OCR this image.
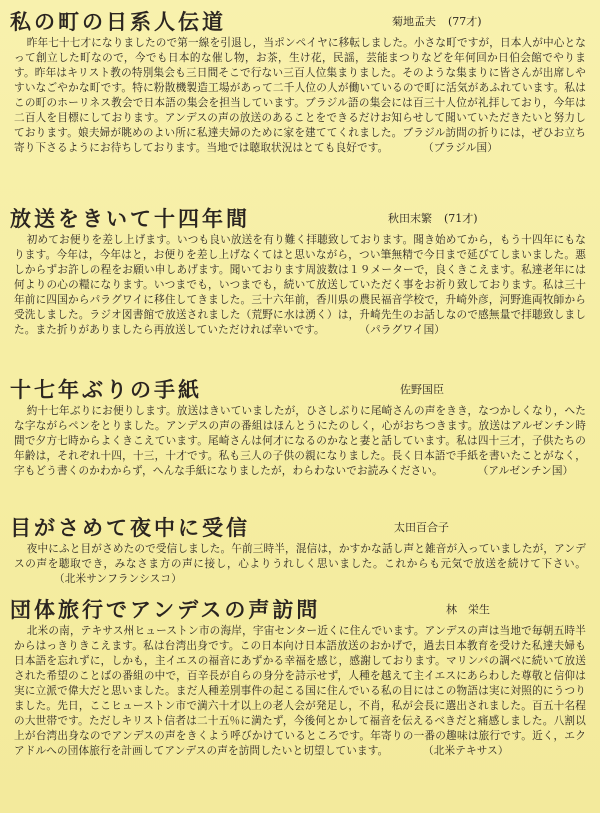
私の町の日系人伝道	菊地孟夫 (77才)
昨年七十七才になりましたので第一線を引退し，当ポンペイヤに移転しました。小さな町ですが，日本人が中心となって創立した町なので，今でも日本的な催し物，お茶，生け花，民謡，芸能まつりなどを年何回か日伯会館でやります。昨年はキリスト教の特別集会も三日間そこで行ない三百人位集まりました。そのような集まりに皆さんが出席しやすいなごやかな町です。特に粉散機製造工場があって二千人位の人が働いているので町に活気があふれています。私はこの町のホーリネス教会で日本語の集会を担当しています。ブラジル語の集会には百三十人位が礼拝しており，今年は二百人を目標にしております。アンデスの声の放送のあることをできるだけお知らせして聞いていただきたいと努力しております。娘夫婦が眺めのよい所に私達夫婦のために家を建ててくれました。ブラジル訪問の折りには，ぜひお立ち寄り下さるようにお待ちしております。当地では聴取状況はとても良好です。	（ブラジル国）
放送をきいて十四年間	秋田末繁 (71才)
初めてお便りを差し上げます。いつも良い放送を有り難く拝聴致しております。聞き始めてから，もう十四年にもなります。今年は，今年はと，お便りを差し上げなくてはと思いながら，つい筆無精で今日まで延びてしまいました。悪しからずお許しの程をお願い申しあげます。聞いております周波数は１９メーターで，良くきこえます。私達老年には何よりの心の糧になります。いつまでも，いつまでも，続いて放送していただく事をお祈り致しております。私は三十年前に四国からパラグワイに移住してきました。三十六年前，香川県の農民福音学校で，升崎外彦，河野進両牧師から受洗しました。ラジオ図書館で放送されました（荒野に水は湧く）は，升崎先生のお話しなので感無量で拝聴致しました。また折りがありましたら再放送していただければ幸いです。	（パラグワイ国）
十七年ぶりの手紙	佐野国臣
約十七年ぶりにお便りします。放送はきいていましたが，ひさしぶりに尾崎さんの声をきき，なつかしくなり，へたな字ながらペンをとりました。アンデスの声の番組はほんとうにたのしく，心がおちつきます。放送はアルゼンチン時間で夕方七時からよくきこえています。尾崎さんは何才になるのかなと妻と話しています。私は四十三才，子供たちの年齢は，それぞれ十四，十三，十才です。私も三人の子供の親になりました。長く日本語で手紙を書いたことがなく，字もどう書くのかわからず，へんな手紙になりましたが，わらわないでお読みください。	（アルゼンチン国）
目がさめて夜中に受信	太田百合子
夜中にふと目がさめたので受信しました。午前三時半，混信は，かすかな話し声と雑音が入っていましたが，アンデスの声を聴取でき，みなさま方の声に接し，心よりうれしく思いました。これからも元気で放送を続けて下さい。（北米サンフランシスコ）
団体旅行でアンデスの声訪問	林　栄生
北米の南，テキサス州ヒューストン市の海岸，宇宙センター近くに住んでいます。アンデスの声は当地で毎朝五時半からはっきりきこえます。私は台湾出身です。この日本向け日本語放送のおかげで，過去日本教育を受けた私達夫婦も日本語を忘れずに，しかも，主イエスの福音にあずかる幸福を感じ，感謝しております。マリンバの調べに続いて放送された希望のことばの番組の中で，百辛長が自らの身分を詩示せず，人種を越えて主イエスにあらわした尊敬と信仰は実に立派で偉大だと思いました。まだ人種差別事件の起こる国に住んでいる私の目にはこの物語は実に対照的にうつりました。先日，ここヒューストン市で満六十才以上の老人会が発足し，不肖，私が会長に選出されました。百五十名程の大世帯です。ただしキリスト信者は二十五％に満たず，今後何とかして福音を伝えるべきだと痛感しました。八割以上が台湾出身なのでアンデスの声をきくよう呼びかけているところです。年寄りの一番の趣味は旅行です。近く，エクアドルへの団体旅行を計画してアンデスの声を訪問したいと切望しています。	（北米テキサス）
